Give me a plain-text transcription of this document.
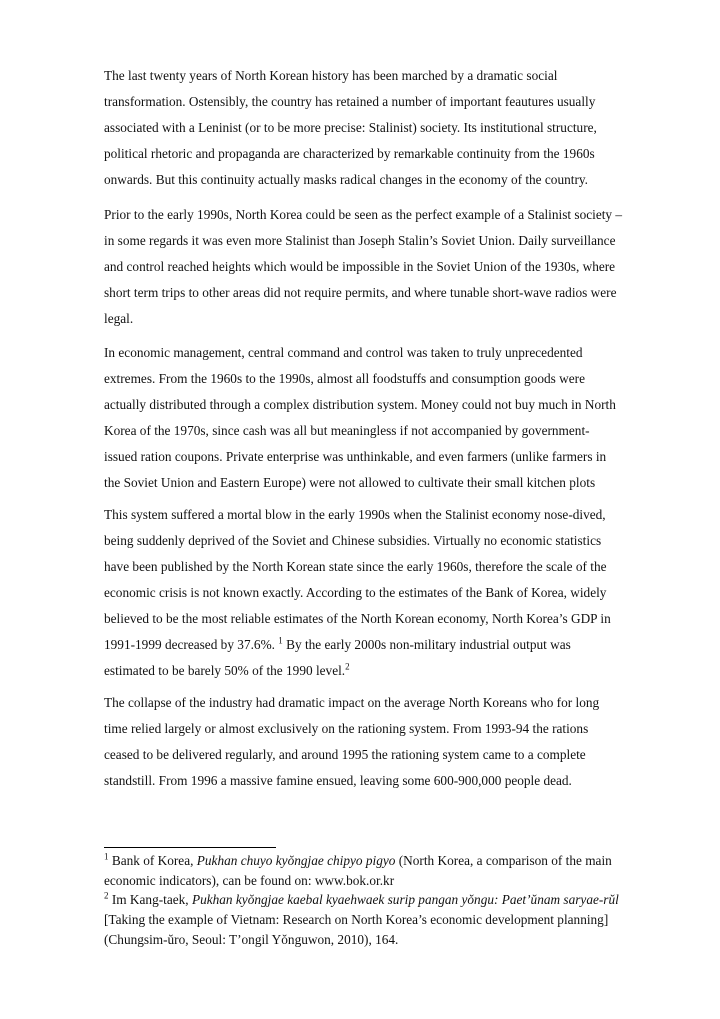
The last twenty years of North Korean history has been marched by a dramatic social
transformation. Ostensibly, the country has retained a number of important feautures usually
associated with a Leninist (or to be more precise: Stalinist) society. Its institutional structure,
political rhetoric and propaganda are characterized by remarkable continuity from the 1960s
onwards. But this continuity actually masks radical changes in the economy of the country.

Prior to the early 1990s, North Korea could be seen as the perfect example of a Stalinist society –
in some regards it was even more Stalinist than Joseph Stalin’s Soviet Union. Daily surveillance
and control reached heights which would be impossible in the Soviet Union of the 1930s, where
short term trips to other areas did not require permits, and where tunable short-wave radios were
legal.

In economic management, central command and control was taken to truly unprecedented
extremes. From the 1960s to the 1990s, almost all foodstuffs and consumption goods were
actually distributed through a complex distribution system. Money could not buy much in North
Korea of the 1970s, since cash was all but meaningless if not accompanied by government-
issued ration coupons. Private enterprise was unthinkable, and even farmers (unlike farmers in
the Soviet Union and Eastern Europe) were not allowed to cultivate their small kitchen plots

This system suffered a mortal blow in the early 1990s when the Stalinist economy nose-dived,
being suddenly deprived of the Soviet and Chinese subsidies. Virtually no economic statistics
have been published by the North Korean state since the early 1960s, therefore the scale of the
economic crisis is not known exactly. According to the estimates of the Bank of Korea, widely
believed to be the most reliable estimates of the North Korean economy, North Korea’s GDP in
1991-1999 decreased by 37.6%. $^1$ By the early 2000s non-military industrial output was
estimated to be barely 50% of the 1990 level.$^2$

The collapse of the industry had dramatic impact on the average North Koreans who for long
time relied largely or almost exclusively on the rationing system. From 1993-94 the rations
ceased to be delivered regularly, and around 1995 the rationing system came to a complete
standstill. From 1996 a massive famine ensued, leaving some 600-900,000 people dead.

$^1$ Bank of Korea, Pukhan chuyo kyŏngjae chipyo pigyo (North Korea, a comparison of the main
economic indicators), can be found on: www.bok.or.kr
$^2$ Im Kang-taek, Pukhan kyŏngjae kaebal kyaehwaek surip pangan yŏngu: Paet’ŭnam saryae-rŭl
[Taking the example of Vietnam: Research on North Korea’s economic development planning]
(Chungsim-ŭro, Seoul: T’ongil Yŏnguwon, 2010), 164.
